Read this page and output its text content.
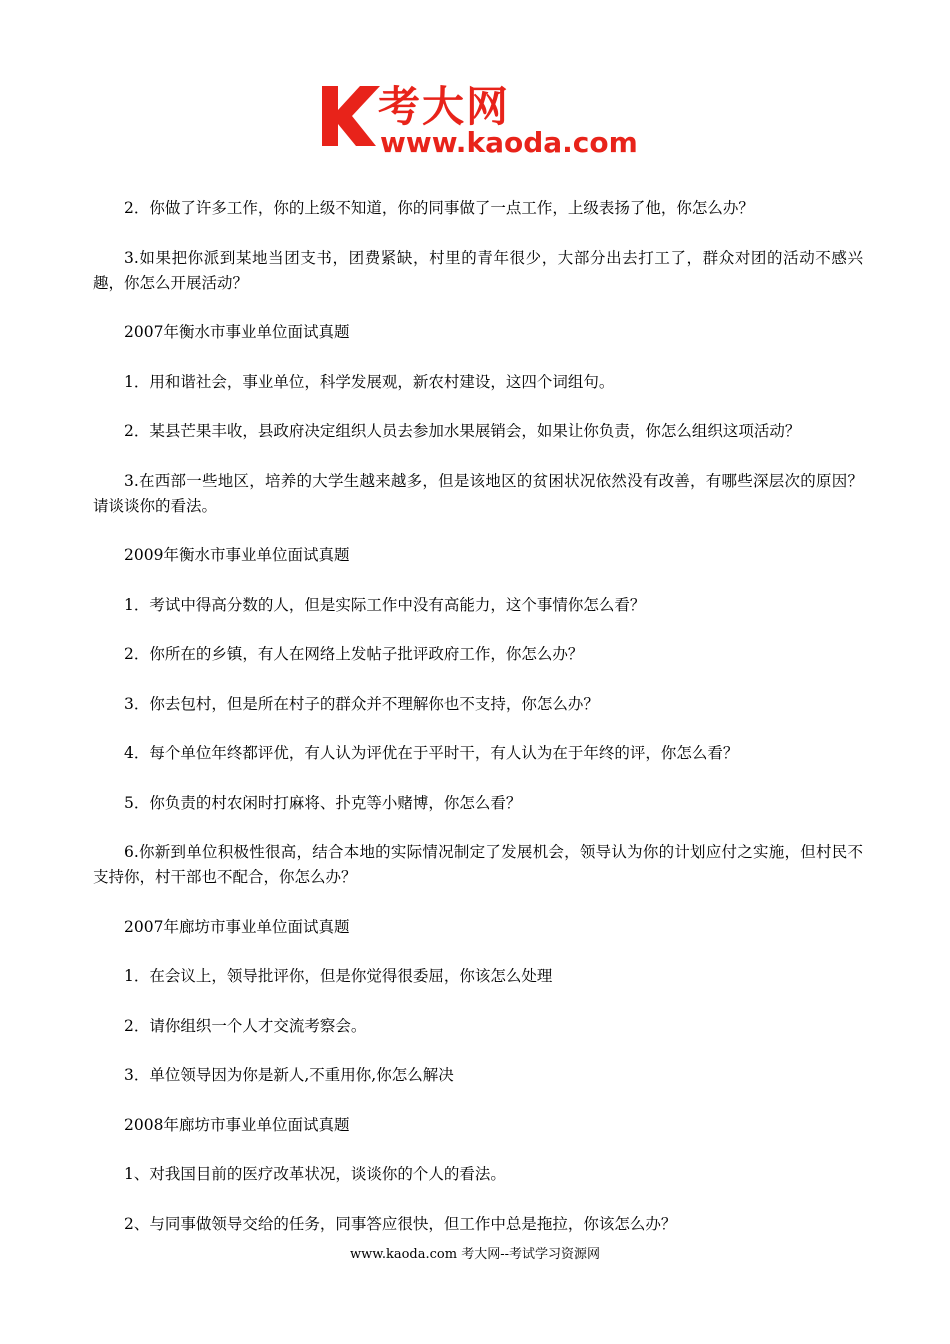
考大网
www.kaoda.com

2．你做了许多工作，你的上级不知道，你的同事做了一点工作，上级表扬了他，你怎么办？

3.如果把你派到某地当团支书，团费紧缺，村里的青年很少，大部分出去打工了，群众对团的活动不感兴趣，你怎么开展活动？

2007年衡水市事业单位面试真题

1．用和谐社会，事业单位，科学发展观，新农村建设，这四个词组句。

2．某县芒果丰收，县政府决定组织人员去参加水果展销会，如果让你负责，你怎么组织这项活动？

3.在西部一些地区，培养的大学生越来越多，但是该地区的贫困状况依然没有改善，有哪些深层次的原因？请谈谈你的看法。

2009年衡水市事业单位面试真题

1．考试中得高分数的人，但是实际工作中没有高能力，这个事情你怎么看？

2．你所在的乡镇，有人在网络上发帖子批评政府工作，你怎么办？

3．你去包村，但是所在村子的群众并不理解你也不支持，你怎么办？

4．每个单位年终都评优，有人认为评优在于平时干，有人认为在于年终的评，你怎么看？

5．你负责的村农闲时打麻将、扑克等小赌博，你怎么看？

6.你新到单位积极性很高，结合本地的实际情况制定了发展机会，领导认为你的计划应付之实施，但村民不支持你，村干部也不配合，你怎么办？

2007年廊坊市事业单位面试真题

1．在会议上，领导批评你，但是你觉得很委屈，你该怎么处理

2．请你组织一个人才交流考察会。

3．单位领导因为你是新人,不重用你,你怎么解决

2008年廊坊市事业单位面试真题

1、对我国目前的医疗改革状况，谈谈你的个人的看法。

2、与同事做领导交给的任务，同事答应很快，但工作中总是拖拉，你该怎么办？

www.kaoda.com 考大网--考试学习资源网
